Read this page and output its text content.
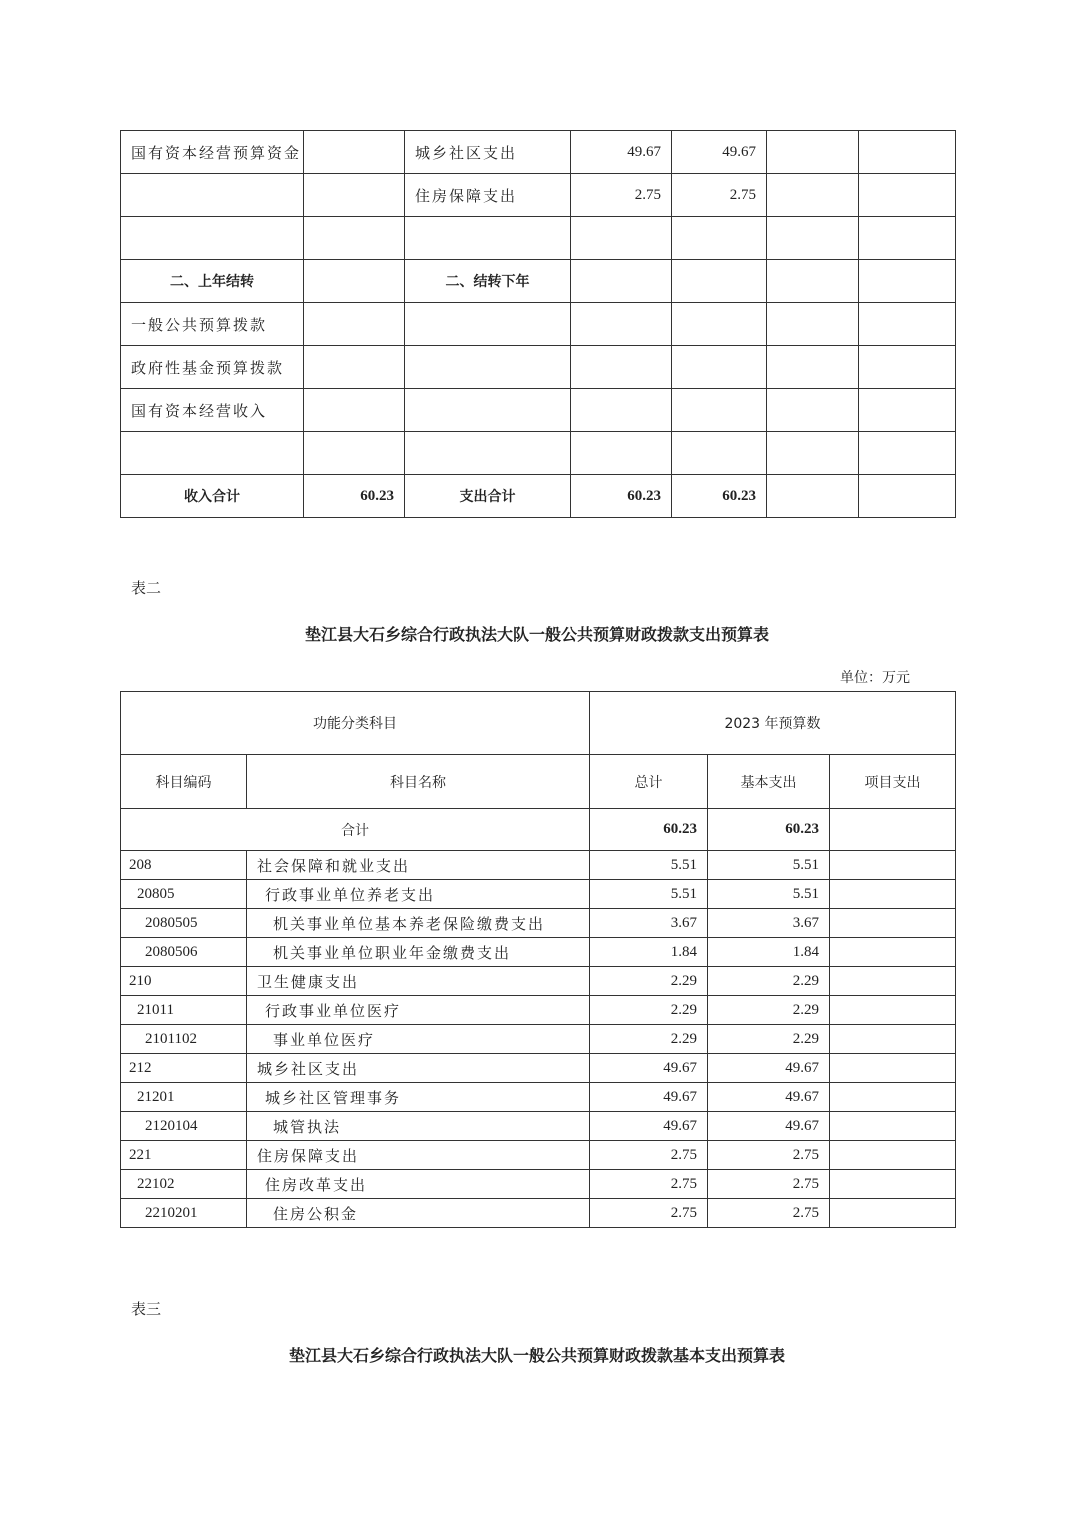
国有资本经营预算资金		城乡社区支出	49.67	49.67		
		住房保障支出	2.75	2.75		

二、上年结转		二、结转下年				
一般公共预算拨款						
政府性基金预算拨款						
国有资本经营收入						

收入合计	60.23	支出合计	60.23	60.23		
表二
垫江县大石乡综合行政执法大队一般公共预算财政拨款支出预算表
单位：万元
功能分类科目		2023 年预算数		
科目编码	科目名称	总计	基本支出	项目支出
合计		60.23	60.23	
208	社会保障和就业支出	5.51	5.51	
20805	行政事业单位养老支出	5.51	5.51	
2080505	机关事业单位基本养老保险缴费支出	3.67	3.67	
2080506	机关事业单位职业年金缴费支出	1.84	1.84	
210	卫生健康支出	2.29	2.29	
21011	行政事业单位医疗	2.29	2.29	
2101102	事业单位医疗	2.29	2.29	
212	城乡社区支出	49.67	49.67	
21201	城乡社区管理事务	49.67	49.67	
2120104	城管执法	49.67	49.67	
221	住房保障支出	2.75	2.75	
22102	住房改革支出	2.75	2.75	
2210201	住房公积金	2.75	2.75	
表三
垫江县大石乡综合行政执法大队一般公共预算财政拨款基本支出预算表
